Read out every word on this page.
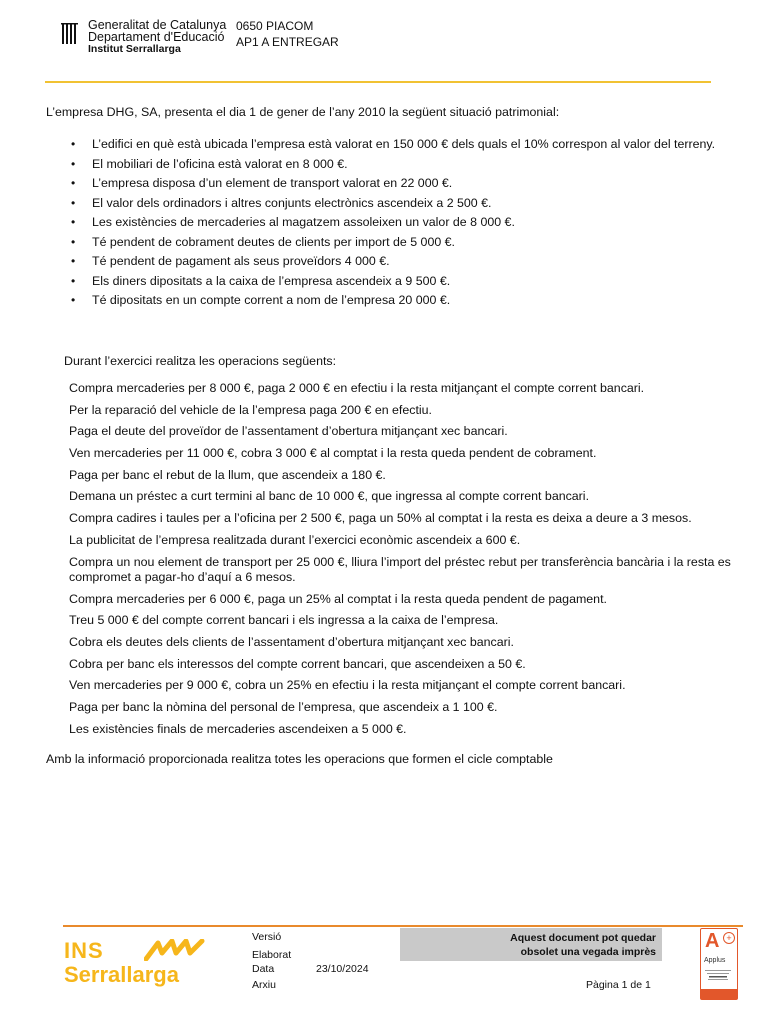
Generalitat de Catalunya
Departament d'Educació
Institut Serrallarga
0650 PIACOM
AP1 A ENTREGAR
L’empresa DHG, SA, presenta el dia 1 de gener de l’any 2010 la següent situació patrimonial:
• L’edifici en què està ubicada l’empresa està valorat en 150 000 € dels quals el 10% correspon al valor del terreny.
• El mobiliari de l’oficina està valorat en 8 000 €.
• L’empresa disposa d’un element de transport valorat en 22 000 €.
• El valor dels ordinadors i altres conjunts electrònics ascendeix a 2 500 €.
• Les existències de mercaderies al magatzem assoleixen un valor de 8 000 €.
• Té pendent de cobrament deutes de clients per import de 5 000 €.
• Té pendent de pagament als seus proveïdors 4 000 €.
• Els diners dipositats a la caixa de l’empresa ascendeix a 9 500 €.
• Té dipositats en un compte corrent a nom de l’empresa 20 000 €.
Durant l’exercici realitza les operacions següents:
Compra mercaderies per 8 000 €, paga 2 000 € en efectiu i la resta mitjançant el compte corrent bancari.
Per la reparació del vehicle de la l’empresa paga 200 € en efectiu.
Paga el deute del proveïdor de l’assentament d’obertura mitjançant xec bancari.
Ven mercaderies per 11 000 €, cobra 3 000 € al comptat i la resta queda pendent de cobrament.
Paga per banc el rebut de la llum, que ascendeix a 180 €.
Demana un préstec a curt termini al banc de 10 000 €, que ingressa al compte corrent bancari.
Compra cadires i taules per a l’oficina per 2 500 €, paga un 50% al comptat i la resta es deixa a deure a 3 mesos.
La publicitat de l’empresa realitzada durant l’exercici econòmic ascendeix a 600 €.
Compra un nou element de transport per 25 000 €, lliura l’import del préstec rebut per transferència bancària i la resta es compromet a pagar-ho d’aquí a 6 mesos.
Compra mercaderies per 6 000 €, paga un 25% al comptat i la resta queda pendent de pagament.
Treu 5 000 € del compte corrent bancari i els ingressa a la caixa de l’empresa.
Cobra els deutes dels clients de l’assentament d’obertura mitjançant xec bancari.
Cobra per banc els interessos del compte corrent bancari, que ascendeixen a 50 €.
Ven mercaderies per 9 000 €, cobra un 25% en efectiu i la resta mitjançant el compte corrent bancari.
Paga per banc la nòmina del personal de l’empresa, que ascendeix a 1 100 €.
Les existències finals de mercaderies ascendeixen a 5 000 €.
Amb la informació proporcionada realitza totes les operacions que formen el cicle comptable
INS
Serrallarga
Versió
Elaborat
Data	23/10/2024
Arxiu
Aquest document pot quedar
obsolet una vegada imprès
Pàgina 1 de 1
A +
Applus
